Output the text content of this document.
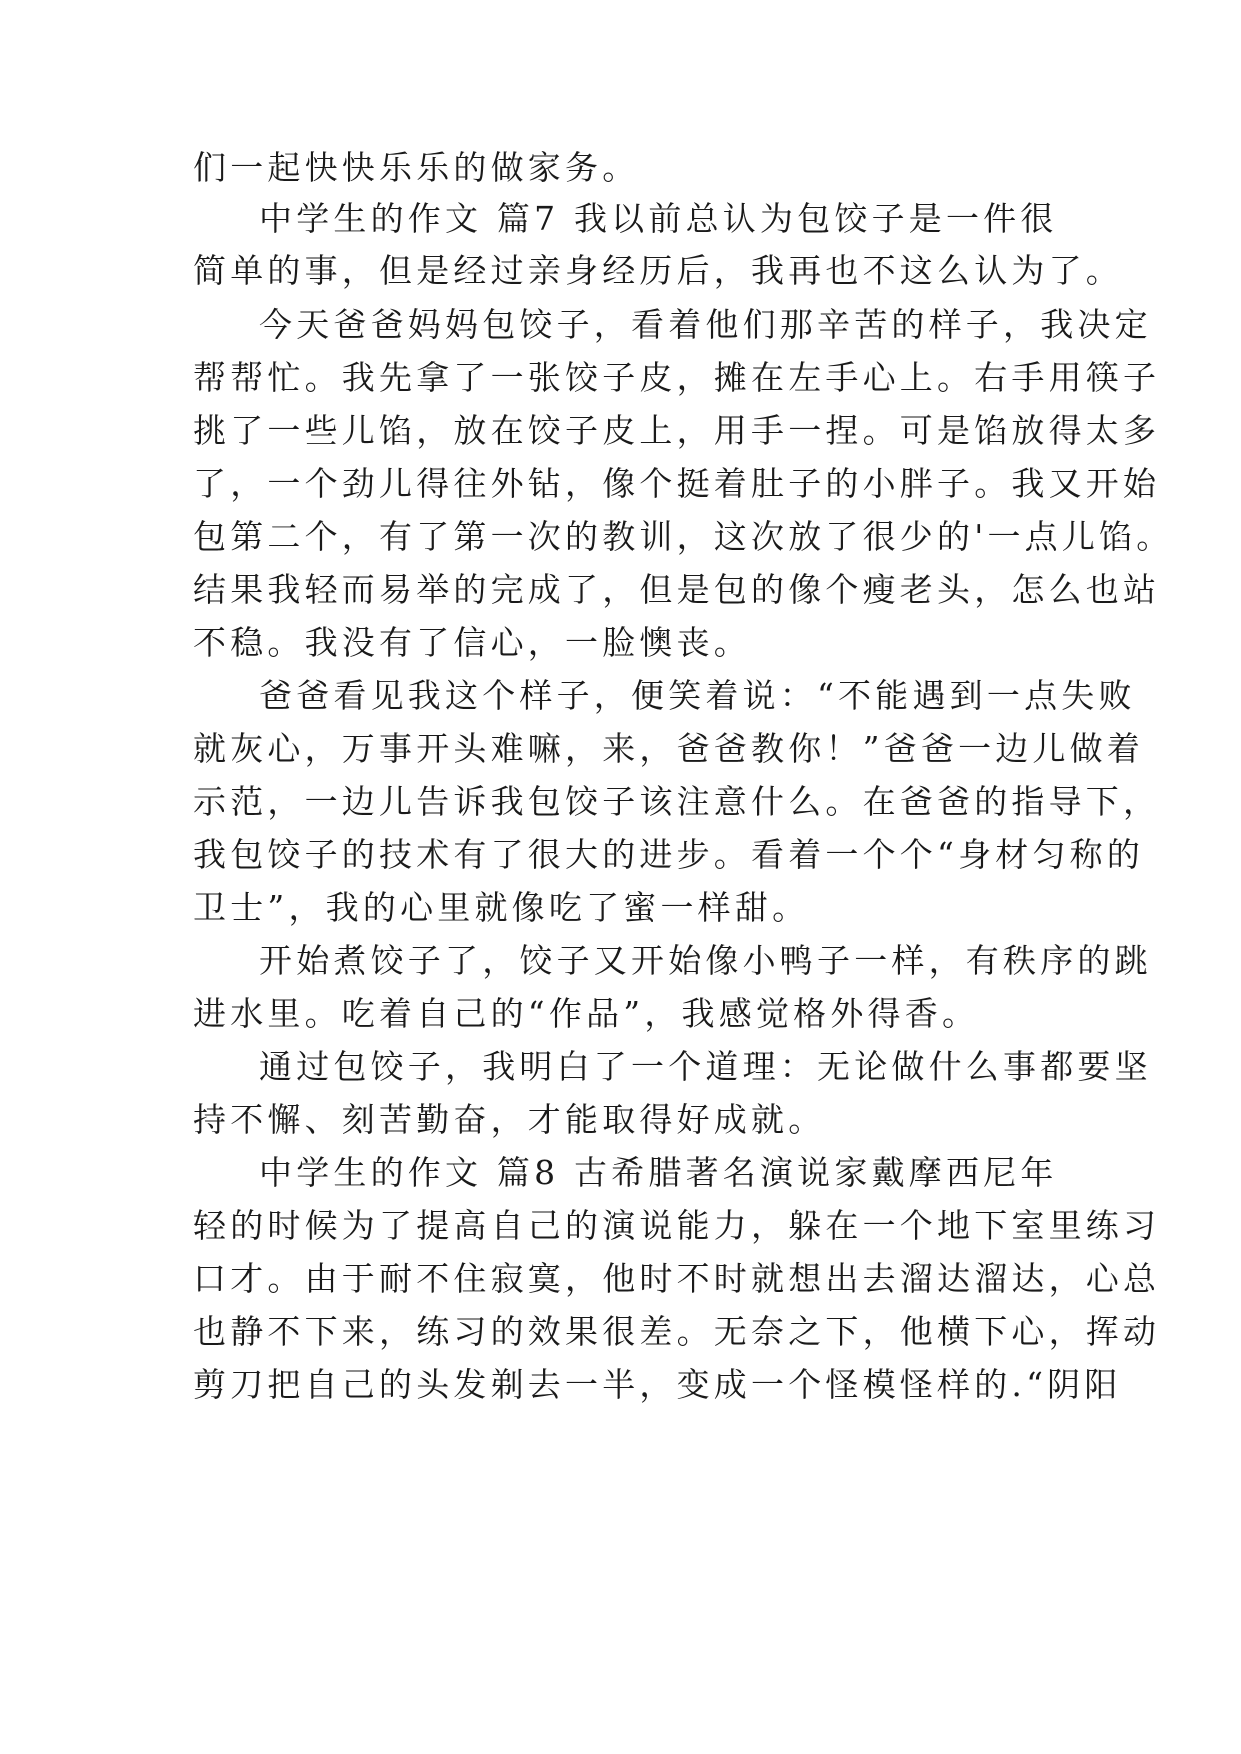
们一起快快乐乐的做家务。

中学生的作文 篇7 我以前总认为包饺子是一件很

简单的事，但是经过亲身经历后，我再也不这么认为了。

今天爸爸妈妈包饺子，看着他们那辛苦的样子，我决定

帮帮忙。我先拿了一张饺子皮，摊在左手心上。右手用筷子

挑了一些儿馅，放在饺子皮上，用手一捏。可是馅放得太多

了，一个劲儿得往外钻，像个挺着肚子的小胖子。我又开始

包第二个，有了第一次的教训，这次放了很少的'一点儿馅。

结果我轻而易举的完成了，但是包的像个瘦老头，怎么也站

不稳。我没有了信心，一脸懊丧。

爸爸看见我这个样子，便笑着说：“不能遇到一点失败

就灰心，万事开头难嘛，来，爸爸教你！”爸爸一边儿做着

示范，一边儿告诉我包饺子该注意什么。在爸爸的指导下，

我包饺子的技术有了很大的进步。看着一个个“身材匀称的

卫士”，我的心里就像吃了蜜一样甜。

开始煮饺子了，饺子又开始像小鸭子一样，有秩序的跳

进水里。吃着自己的“作品”，我感觉格外得香。

通过包饺子，我明白了一个道理：无论做什么事都要坚

持不懈、刻苦勤奋，才能取得好成就。

中学生的作文 篇8 古希腊著名演说家戴摩西尼年

轻的时候为了提高自己的演说能力，躲在一个地下室里练习

口才。由于耐不住寂寞，他时不时就想出去溜达溜达，心总

也静不下来，练习的效果很差。无奈之下，他横下心，挥动

剪刀把自己的头发剃去一半，变成一个怪模怪样的.“阴阳
